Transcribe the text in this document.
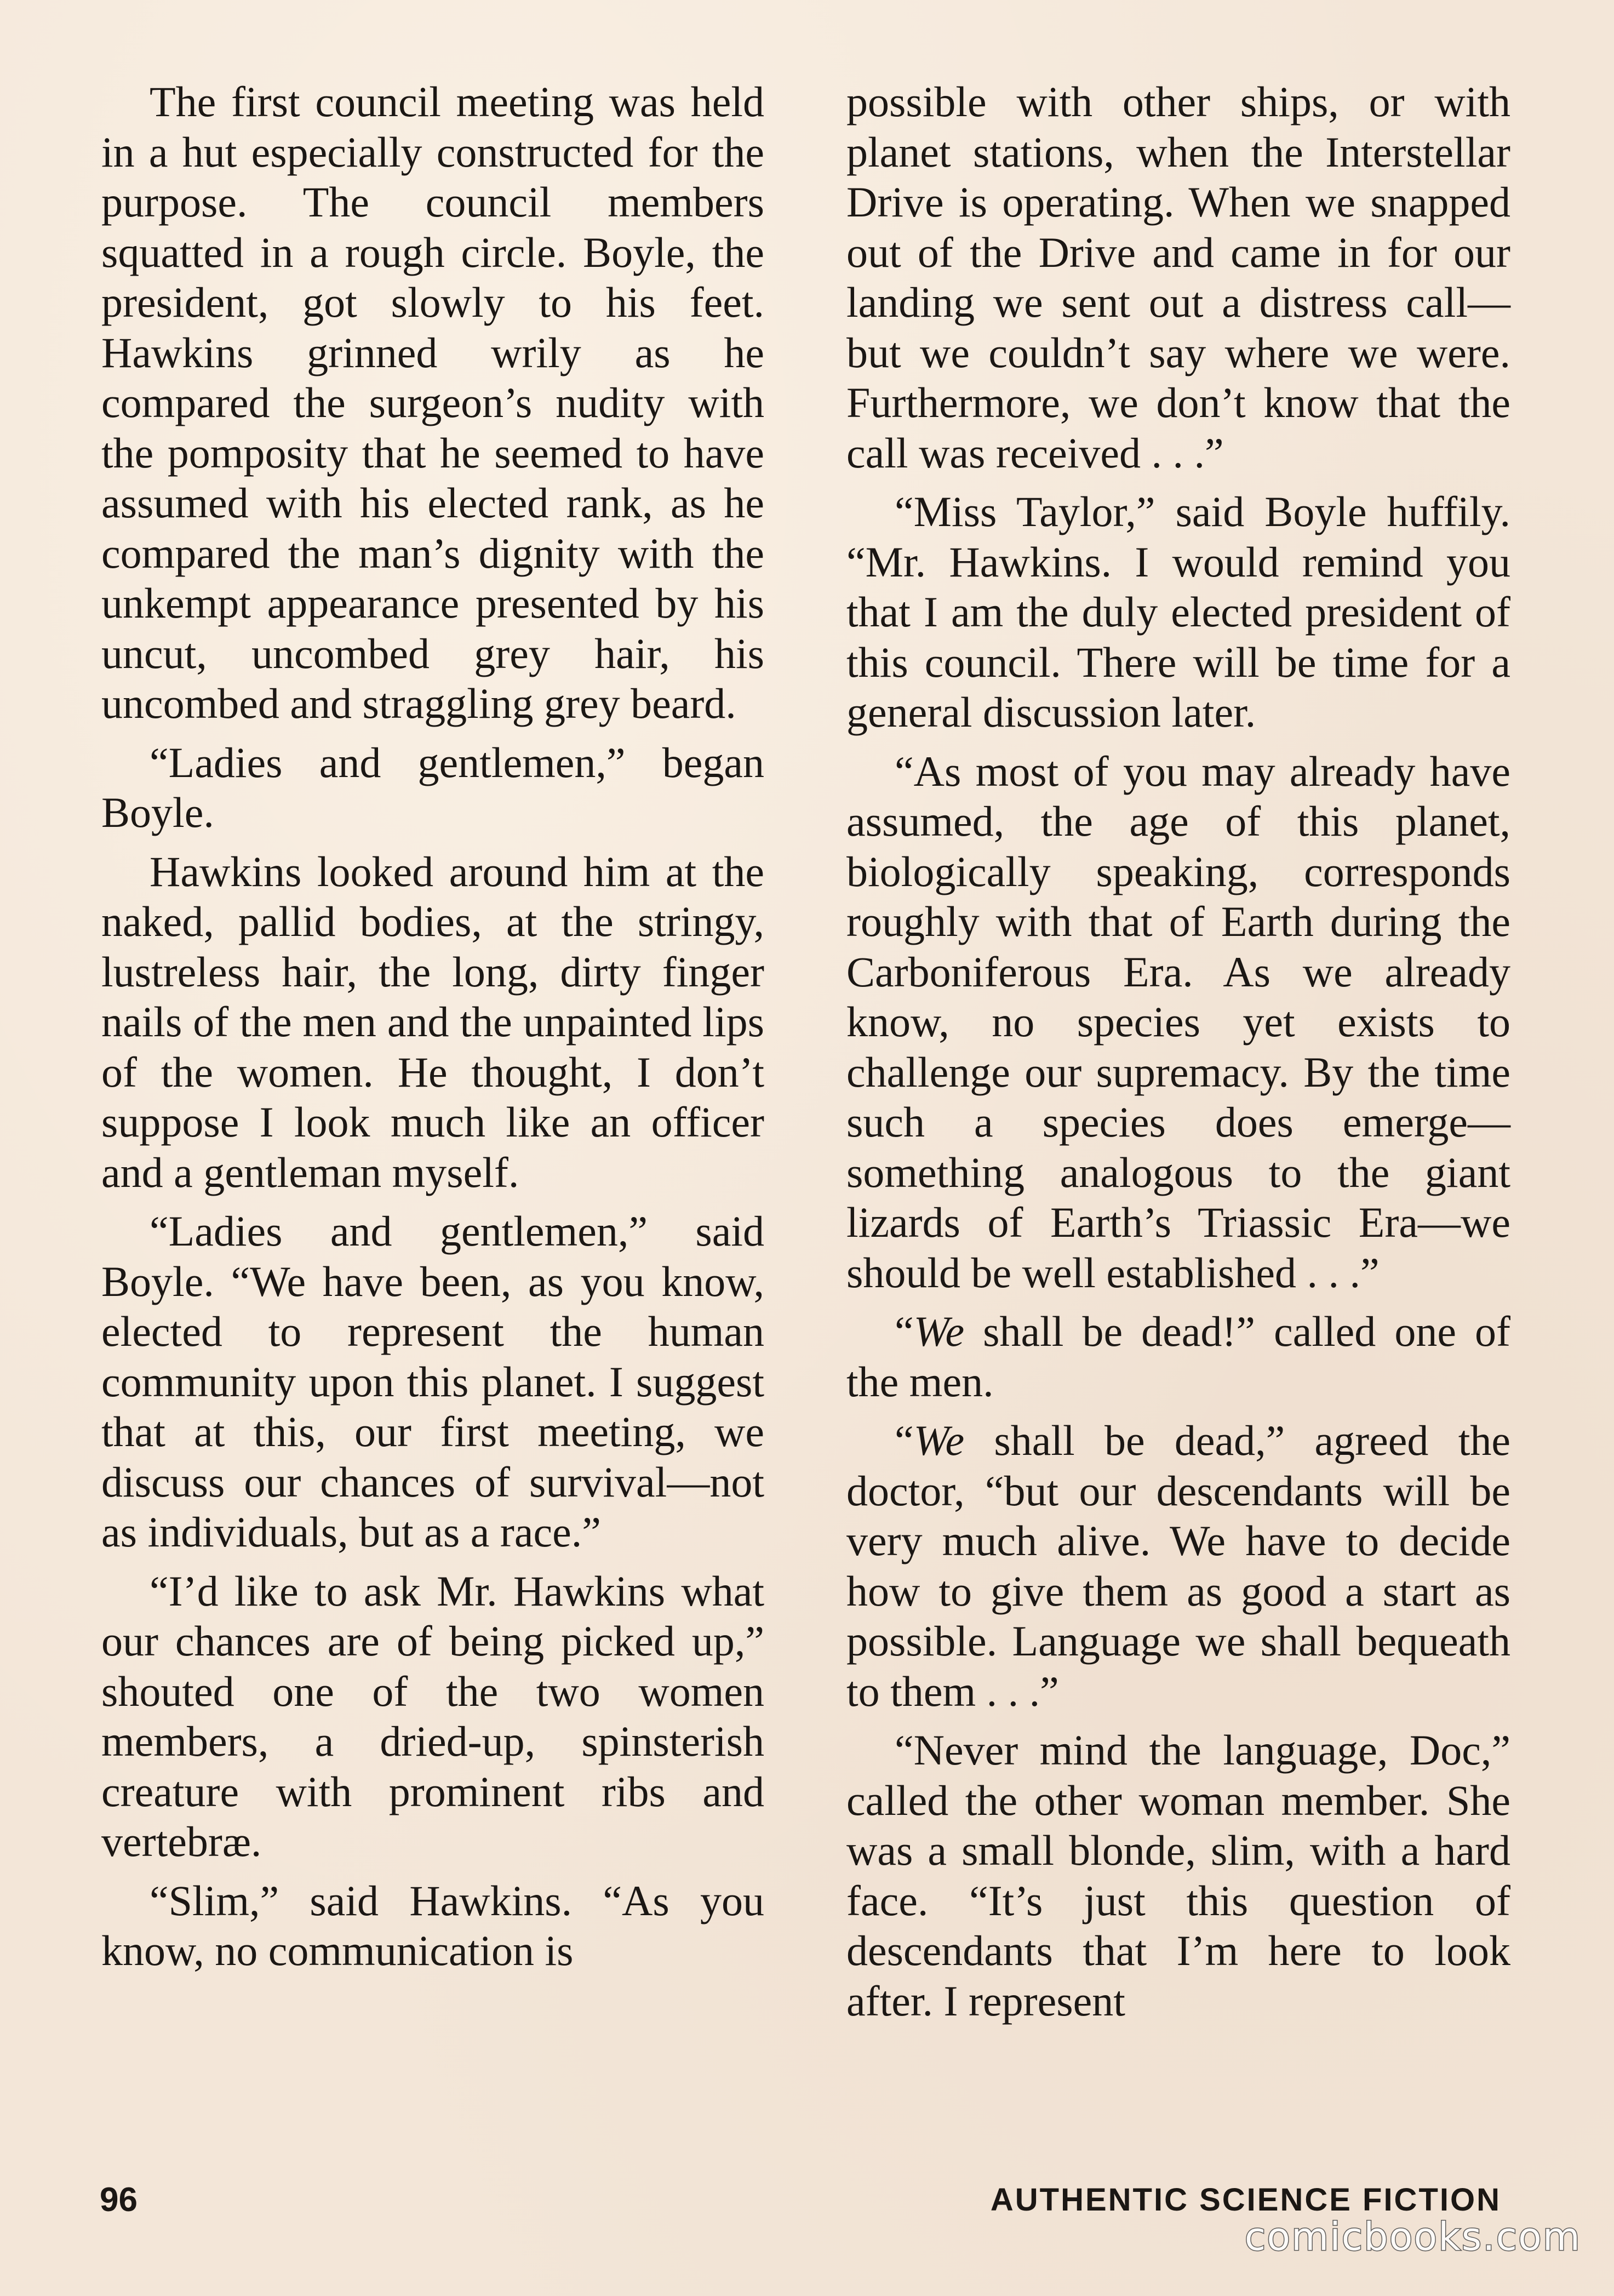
The first council meeting was held in a hut especially constructed for the purpose. The council members squatted in a rough circle. Boyle, the president, got slowly to his feet. Hawkins grinned wrily as he compared the surgeon’s nudity with the pomposity that he seemed to have assumed with his elected rank, as he compared the man’s dignity with the unkempt appearance presented by his uncut, uncombed grey hair, his uncombed and straggling grey beard.

“Ladies and gentlemen,” began Boyle.

Hawkins looked around him at the naked, pallid bodies, at the stringy, lustreless hair, the long, dirty finger nails of the men and the unpainted lips of the women. He thought, I don’t suppose I look much like an officer and a gentleman myself.

“Ladies and gentlemen,” said Boyle. “We have been, as you know, elected to represent the human community upon this planet. I suggest that at this, our first meeting, we discuss our chances of survival—not as individuals, but as a race.”

“I’d like to ask Mr. Hawkins what our chances are of being picked up,” shouted one of the two women members, a dried-up, spinsterish creature with prominent ribs and vertebræ.

“Slim,” said Hawkins. “As you know, no communication is

possible with other ships, or with planet stations, when the Interstellar Drive is operating. When we snapped out of the Drive and came in for our landing we sent out a distress call—but we couldn’t say where we were. Furthermore, we don’t know that the call was received . . .”

“Miss Taylor,” said Boyle huffily. “Mr. Hawkins. I would remind you that I am the duly elected president of this council. There will be time for a general discussion later.

“As most of you may already have assumed, the age of this planet, biologically speaking, corresponds roughly with that of Earth during the Carboniferous Era. As we already know, no species yet exists to challenge our supremacy. By the time such a species does emerge—something analogous to the giant lizards of Earth’s Triassic Era—we should be well established . . .”

“We shall be dead!” called one of the men.

“We shall be dead,” agreed the doctor, “but our descendants will be very much alive. We have to decide how to give them as good a start as possible. Language we shall bequeath to them . . .”

“Never mind the language, Doc,” called the other woman member. She was a small blonde, slim, with a hard face. “It’s just this question of descendants that I’m here to look after. I represent

96	AUTHENTIC SCIENCE FICTION
comicbooks.com
